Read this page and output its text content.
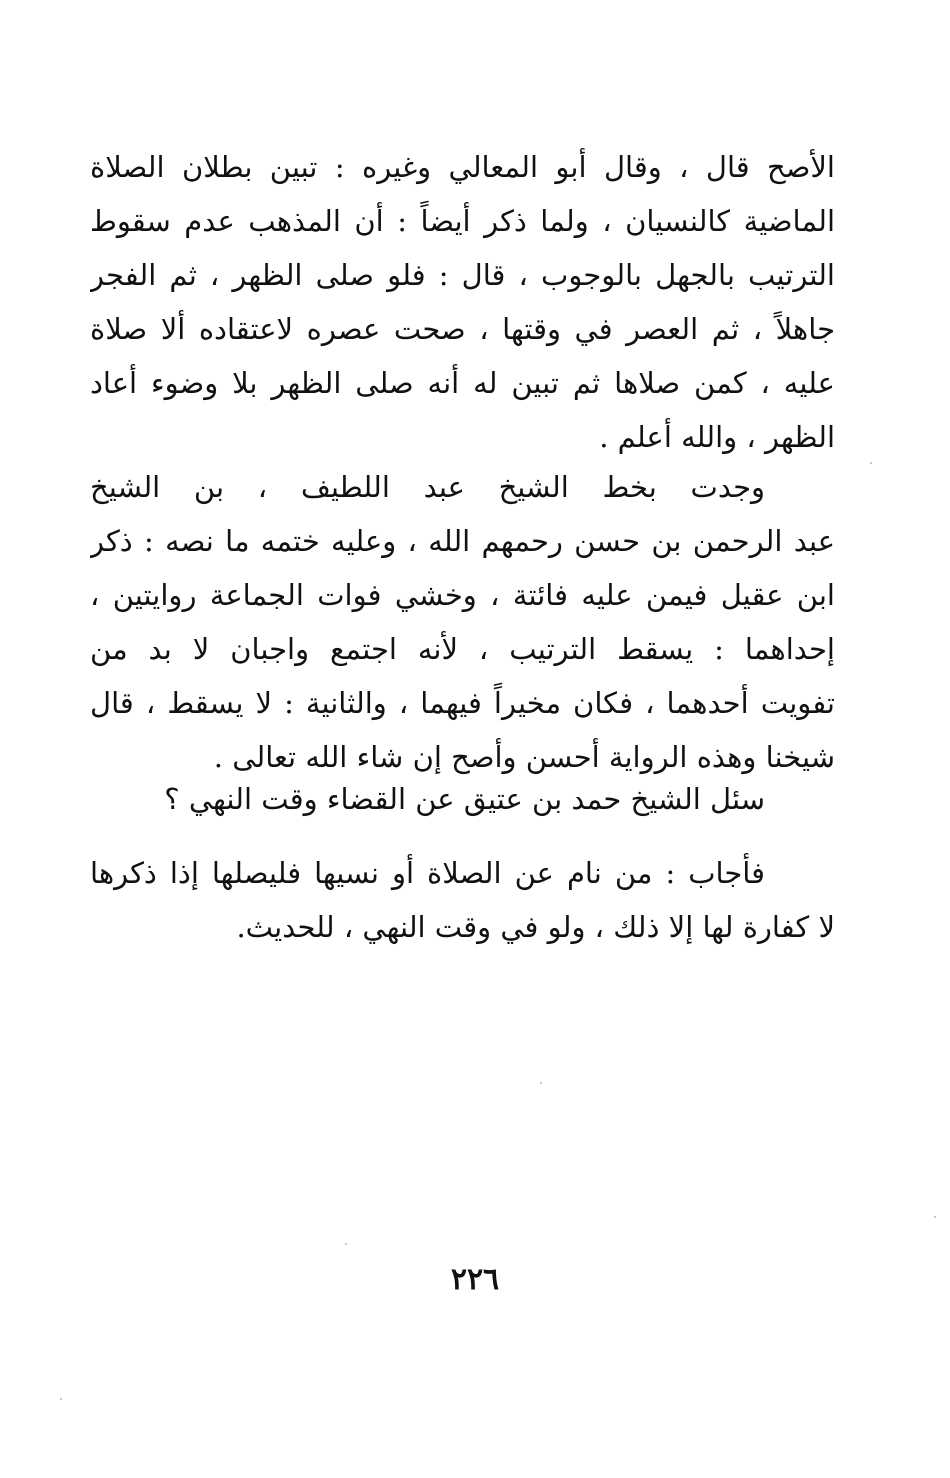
الأصح قال ، وقال أبو المعالي وغيره : تبين بطلان الصلاة
الماضية كالنسيان ، ولما ذكر أيضاً : أن المذهب عدم سقوط
الترتيب بالجهل بالوجوب ، قال : فلو صلى الظهر ، ثم الفجر
جاهلاً ، ثم العصر في وقتها ، صحت عصره لاعتقاده ألا صلاة
عليه ، كمن صلاها ثم تبين له أنه صلى الظهر بلا وضوء أعاد
الظهر ، والله أعلم .
وجدت بخط الشيخ عبد اللطيف ، بن الشيخ
عبد الرحمن بن حسن رحمهم الله ، وعليه ختمه ما نصه : ذكر
ابن عقيل فيمن عليه فائتة ، وخشي فوات الجماعة روايتين ،
إحداهما : يسقط الترتيب ، لأنه اجتمع واجبان لا بد من
تفويت أحدهما ، فكان مخيراً فيهما ، والثانية : لا يسقط ، قال
شيخنا وهذه الرواية أحسن وأصح إن شاء الله تعالى .
سئل الشيخ حمد بن عتيق عن القضاء وقت النهي ؟
فأجاب : من نام عن الصلاة أو نسيها فليصلها إذا ذكرها
لا كفارة لها إلا ذلك ، ولو في وقت النهي ، للحديث.
٢٢٦
